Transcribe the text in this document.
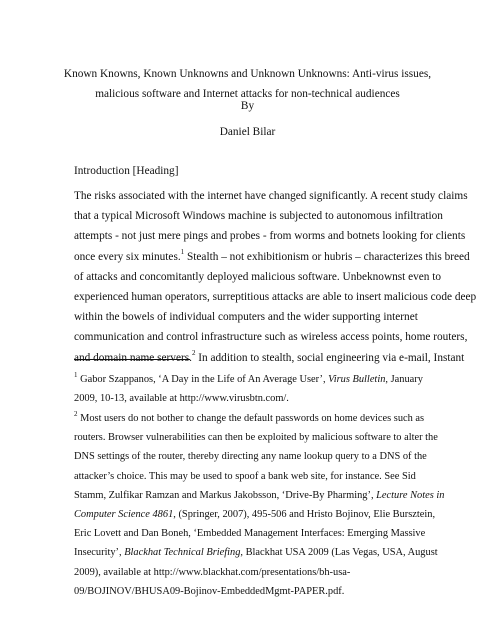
Known Knowns, Known Unknowns and Unknown Unknowns: Anti-virus issues,
malicious software and Internet attacks for non-technical audiences
By
Daniel Bilar
Introduction [Heading]
The risks associated with the internet have changed significantly. A recent study claims
that a typical Microsoft Windows machine is subjected to autonomous infiltration
attempts - not just mere pings and probes - from worms and botnets looking for clients
once every six minutes.$^1$ Stealth – not exhibitionism or hubris – characterizes this breed
of attacks and concomitantly deployed malicious software. Unbeknownst even to
experienced human operators, surreptitious attacks are able to insert malicious code deep
within the bowels of individual computers and the wider supporting internet
communication and control infrastructure such as wireless access points, home routers,
and domain name servers.$^2$ In addition to stealth, social engineering via e-mail, Instant
$^1$ Gabor Szappanos, ‘A Day in the Life of An Average User’, Virus Bulletin, January
2009, 10-13, available at http://www.virusbtn.com/.
$^2$ Most users do not bother to change the default passwords on home devices such as
routers. Browser vulnerabilities can then be exploited by malicious software to alter the
DNS settings of the router, thereby directing any name lookup query to a DNS of the
attacker’s choice. This may be used to spoof a bank web site, for instance. See Sid
Stamm, Zulfikar Ramzan and Markus Jakobsson, ‘Drive-By Pharming’, Lecture Notes in
Computer Science 4861, (Springer, 2007), 495-506 and Hristo Bojinov, Elie Bursztein,
Eric Lovett and Dan Boneh, ‘Embedded Management Interfaces: Emerging Massive
Insecurity’, Blackhat Technical Briefing, Blackhat USA 2009 (Las Vegas, USA, August
2009), available at http://www.blackhat.com/presentations/bh-usa-
09/BOJINOV/BHUSA09-Bojinov-EmbeddedMgmt-PAPER.pdf.
